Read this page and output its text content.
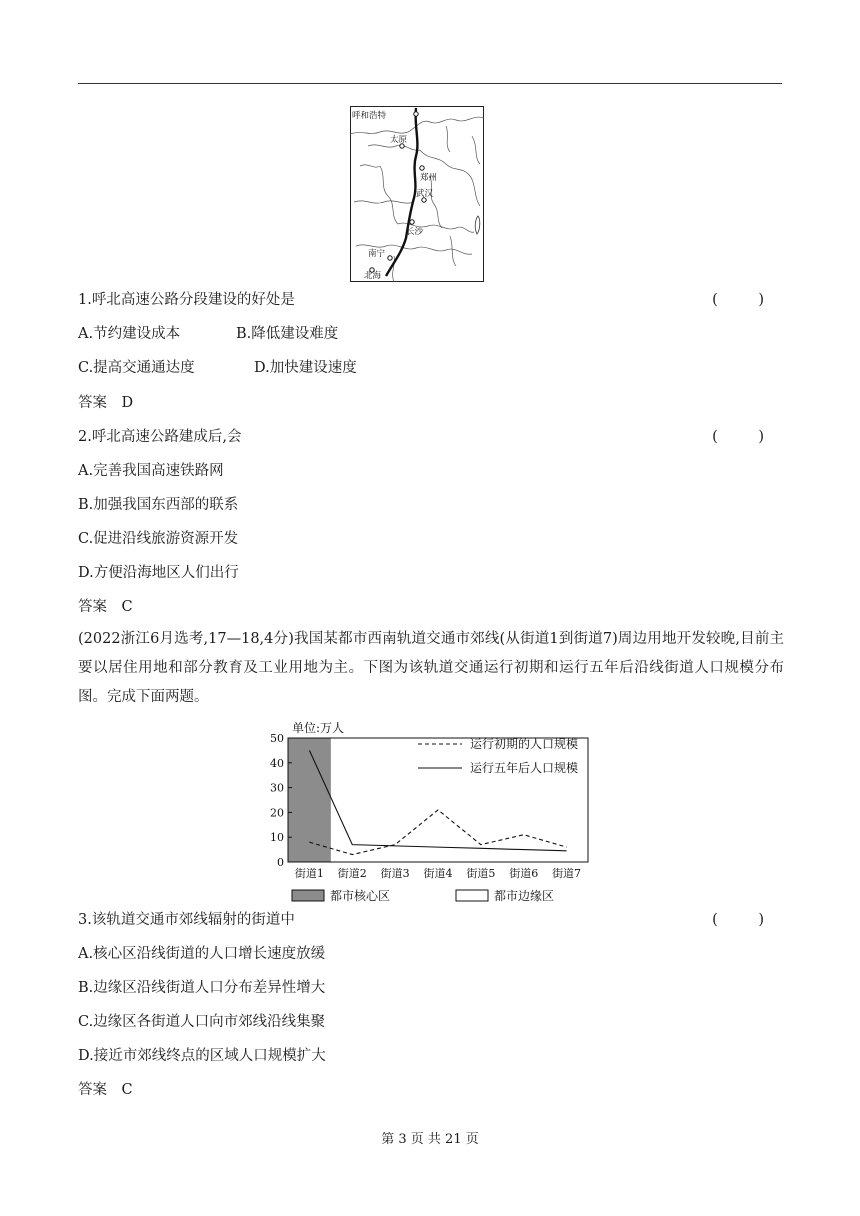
呼和浩特
太原
郑州
武汉
长沙
南宁
北海
1.呼北高速公路分段建设的好处是	( )
A.节约建设成本	B.降低建设难度
C.提高交通通达度	D.加快建设速度
答案　D
2.呼北高速公路建成后,会	( )
A.完善我国高速铁路网
B.加强我国东西部的联系
C.促进沿线旅游资源开发
D.方便沿海地区人们出行
答案　C
(2022浙江6月选考,17—18,4分)我国某都市西南轨道交通市郊线(从街道1到街道7)周边用地开发较晚,目前主要以居住用地和部分教育及工业用地为主。下图为该轨道交通运行初期和运行五年后沿线街道人口规模分布图。完成下面两题。
0
10
20
30
40
50
街道1 街道2 街道3 街道4 街道5 街道6 街道7
单位:万人
运行初期的人口规模
运行五年后人口规模
都市核心区	都市边缘区
3.该轨道交通市郊线辐射的街道中	( )
A.核心区沿线街道的人口增长速度放缓
B.边缘区沿线街道人口分布差异性增大
C.边缘区各街道人口向市郊线沿线集聚
D.接近市郊线终点的区域人口规模扩大
答案　C
第 3 页 共 21 页
